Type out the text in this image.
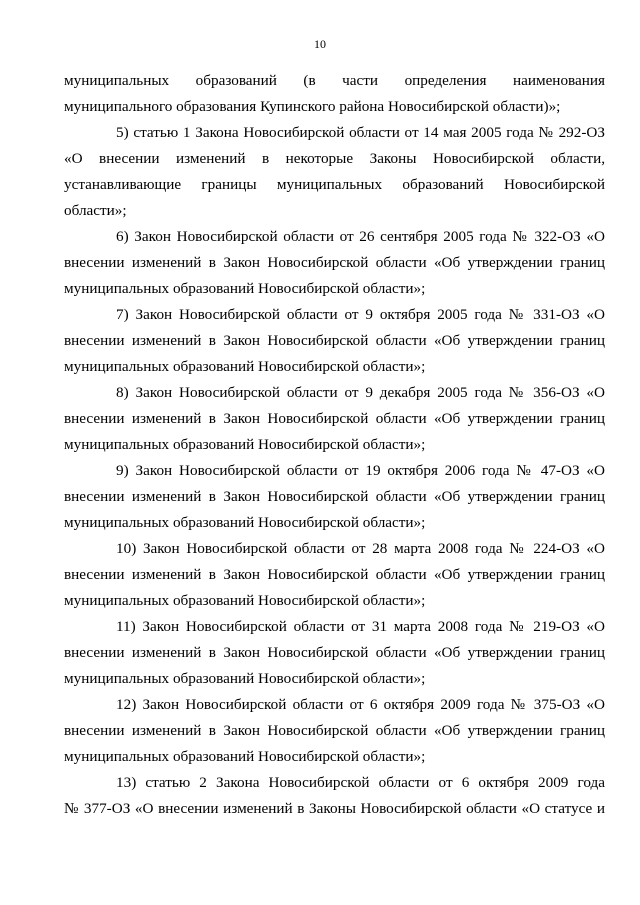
10
муниципальных образований (в части определения наименования
муниципального образования Купинского района Новосибирской области)»;
5) статью 1 Закона Новосибирской области от 14 мая 2005 года № 292-ОЗ
«О внесении изменений в некоторые Законы Новосибирской области,
устанавливающие границы муниципальных образований Новосибирской
области»;
6) Закон Новосибирской области от 26 сентября 2005 года № 322-ОЗ «О
внесении изменений в Закон Новосибирской области «Об утверждении границ
муниципальных образований Новосибирской области»;
7) Закон Новосибирской области от 9 октября 2005 года № 331-ОЗ «О
внесении изменений в Закон Новосибирской области «Об утверждении границ
муниципальных образований Новосибирской области»;
8) Закон Новосибирской области от 9 декабря 2005 года № 356-ОЗ «О
внесении изменений в Закон Новосибирской области «Об утверждении границ
муниципальных образований Новосибирской области»;
9) Закон Новосибирской области от 19 октября 2006 года № 47-ОЗ «О
внесении изменений в Закон Новосибирской области «Об утверждении границ
муниципальных образований Новосибирской области»;
10) Закон Новосибирской области от 28 марта 2008 года № 224-ОЗ «О
внесении изменений в Закон Новосибирской области «Об утверждении границ
муниципальных образований Новосибирской области»;
11) Закон Новосибирской области от 31 марта 2008 года № 219-ОЗ «О
внесении изменений в Закон Новосибирской области «Об утверждении границ
муниципальных образований Новосибирской области»;
12) Закон Новосибирской области от 6 октября 2009 года № 375-ОЗ «О
внесении изменений в Закон Новосибирской области «Об утверждении границ
муниципальных образований Новосибирской области»;
13) статью 2 Закона Новосибирской области от 6 октября 2009 года
№ 377-ОЗ «О внесении изменений в Законы Новосибирской области «О статусе и
